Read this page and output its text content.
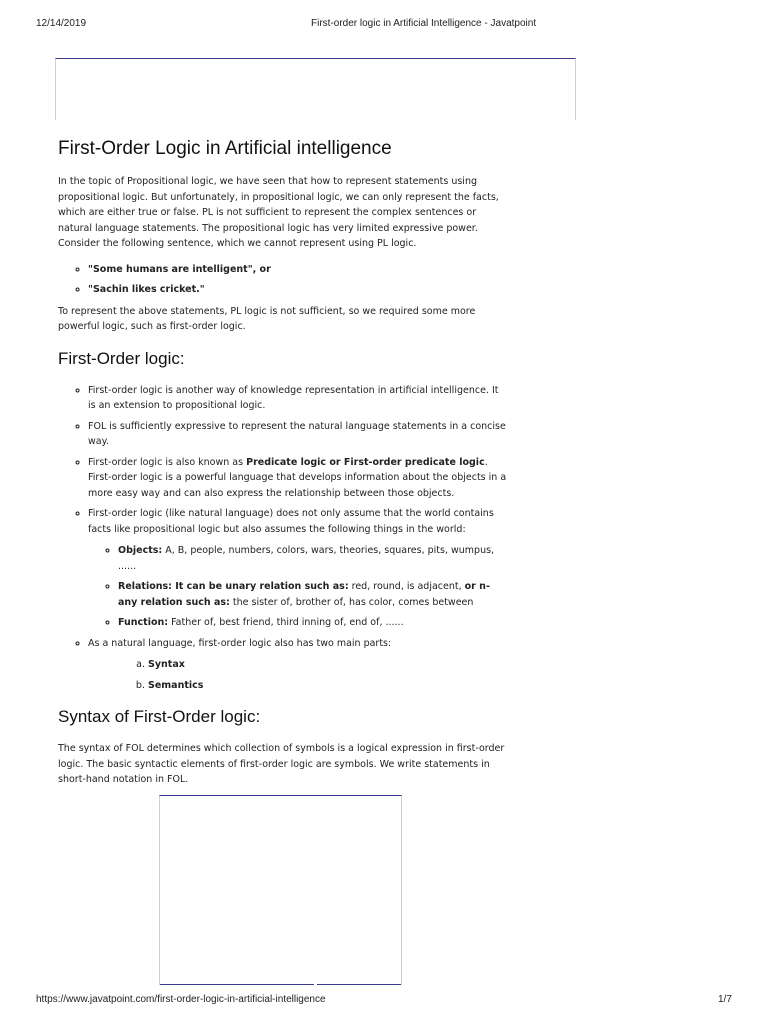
12/14/2019	First-order logic in Artificial Intelligence - Javatpoint
First-Order Logic in Artificial intelligence

In the topic of Propositional logic, we have seen that how to represent statements using propositional logic. But unfortunately, in propositional logic, we can only represent the facts, which are either true or false. PL is not sufficient to represent the complex sentences or natural language statements. The propositional logic has very limited expressive power. Consider the following sentence, which we cannot represent using PL logic.

◦ "Some humans are intelligent", or
◦ "Sachin likes cricket."

To represent the above statements, PL logic is not sufficient, so we required some more powerful logic, such as first-order logic.

First-Order logic:
◦ First-order logic is another way of knowledge representation in artificial intelligence. It is an extension to propositional logic.
◦ FOL is sufficiently expressive to represent the natural language statements in a concise way.
◦ First-order logic is also known as Predicate logic or First-order predicate logic. First-order logic is a powerful language that develops information about the objects in a more easy way and can also express the relationship between those objects.
◦ First-order logic (like natural language) does not only assume that the world contains facts like propositional logic but also assumes the following things in the world:
◦ Objects: A, B, people, numbers, colors, wars, theories, squares, pits, wumpus, ......
◦ Relations: It can be unary relation such as: red, round, is adjacent, or n-any relation such as: the sister of, brother of, has color, comes between
◦ Function: Father of, best friend, third inning of, end of, ......
◦ As a natural language, first-order logic also has two main parts:
a. Syntax
b. Semantics
Syntax of First-Order logic:

The syntax of FOL determines which collection of symbols is a logical expression in first-order logic. The basic syntactic elements of first-order logic are symbols. We write statements in short-hand notation in FOL.

https://www.javatpoint.com/first-order-logic-in-artificial-intelligence	1/7
